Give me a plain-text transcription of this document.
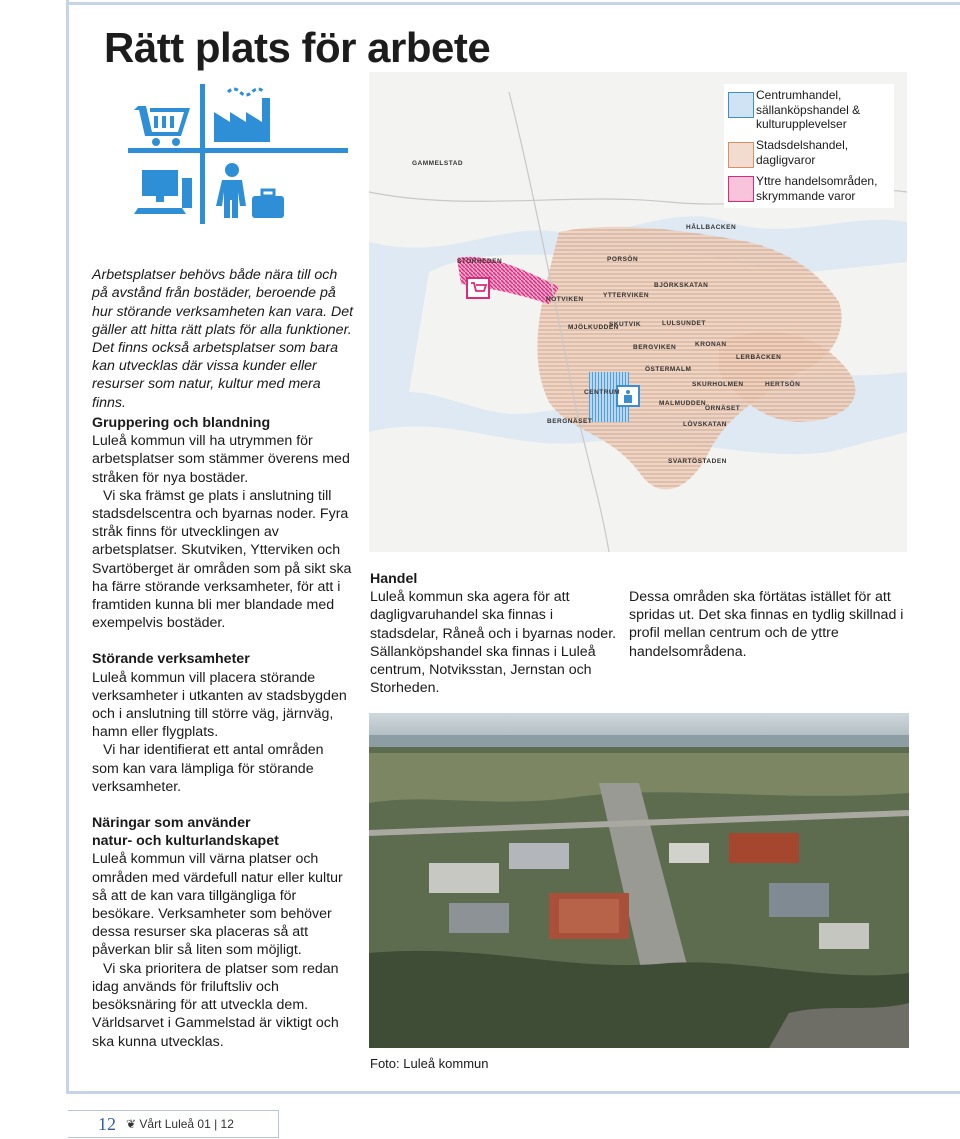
Rätt plats för arbete

Arbetsplatser behövs både nära till och på avstånd från bostäder, beroende på hur störande verksamheten kan vara. Det gäller att hitta rätt plats för alla funktioner. Det finns också arbetsplatser som bara kan utvecklas där vissa kunder eller resurser som natur, kultur med mera finns.

Gruppering och blandning

Luleå kommun vill ha utrymmen för arbetsplatser som stämmer överens med stråken för nya bostäder.

Vi ska främst ge plats i anslutning till stadsdelscentra och byarnas noder. Fyra stråk finns för utvecklingen av arbetsplatser. Skutviken, Ytterviken och Svartöberget är områden som på sikt ska ha färre störande verksamheter, för att i framtiden kunna bli mer blandade med exempelvis bostäder.

Störande verksamheter

Luleå kommun vill placera störande verksamheter i utkanten av stadsbygden och i anslutning till större väg, järnväg, hamn eller flygplats.

Vi har identifierat ett antal områden som kan vara lämpliga för störande verksamheter.

Näringar som använder
natur- och kulturlandskapet

Luleå kommun vill värna platser och områden med värdefull natur eller kultur så att de kan vara tillgängliga för besökare. Verksamheter som behöver dessa resurser ska placeras så att påverkan blir så liten som möjligt.

Vi ska prioritera de platser som redan idag används för friluftsliv och besöksnäring för att utveckla dem. Världsarvet i Gammelstad är viktigt och ska kunna utvecklas.

GAMMELSTAD
HÅLLBACKEN
STORHEDEN	PORSÖN
BJÖRKSKATAN
YTTERVIKEN
NOTVIKEN
LULSUNDET
SKUTVIK
MJÖLKUDDEN
KRONAN
BERGVIKEN
LERBÄCKEN
ÖSTERMALM
CENTRUM
SKURHOLMEN	HERTSÖN
MALMUDDEN
ÖRNÄSET
BERGNÄSET	LÖVSKATAN
SVARTÖSTADEN
Centrumhandel, sällanköpshandel & kulturupplevelser
Stadsdelshandel, dagligvaror
Yttre handelsområden, skrymmande varor
Handel

Luleå kommun ska agera för att dagligvaruhandel ska finnas i stadsdelar, Råneå och i byarnas noder. Sällanköpshandel ska finnas i Luleå centrum, Notviksstan, Jernstan och Storheden.

Dessa områden ska förtätas istället för att spridas ut. Det ska finnas en tydlig skillnad i profil mellan centrum och de yttre handelsområdena.

Foto: Luleå kommun
12 ❦ Vårt Luleå 01 | 12
